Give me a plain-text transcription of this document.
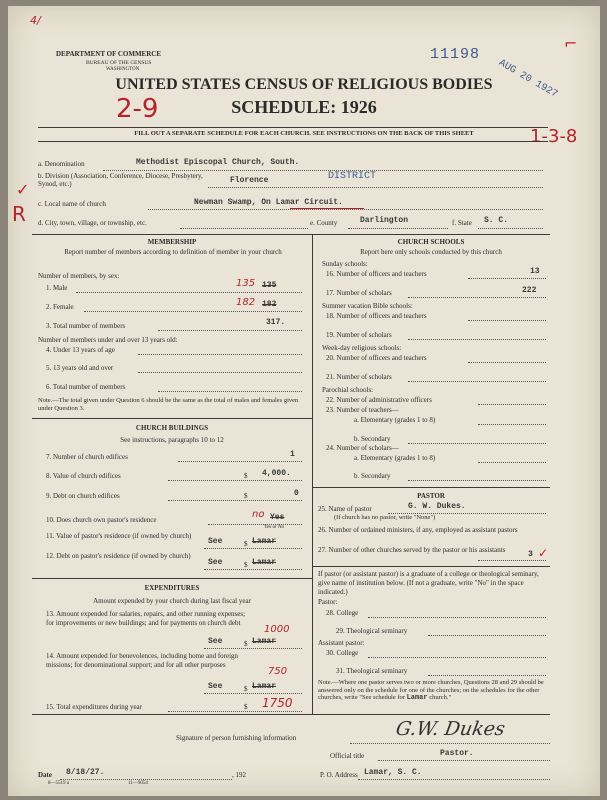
4/
DEPARTMENT OF COMMERCE
BUREAU OF THE CENSUS
WASHINGTON
11198
AUG 20 1927
⌐
UNITED STATES CENSUS OF RELIGIOUS BODIES
SCHEDULE: 1926
2-9
1-3-8
FILL OUT A SEPARATE SCHEDULE FOR EACH CHURCH. SEE INSTRUCTIONS ON THE BACK OF THIS SHEET
a. Denomination	Methodist Episcopal Church, South.
b. Division (Association, Conference, Diocese, Presbytery, Synod, etc.)	Florence	DISTRICT
✓
c. Local name of church	Newman Swamp, On Lamar Circuit.
R d. City, town, village, or township, etc.	e. County	Darlington	f. State S. C.
MEMBERSHIP
Report number of members according to definition of member in your church
Number of members, by sex:
1. Male	135 135
2. Female	182 182
3. Total number of members	317.
Number of members under and over 13 years old:
4. Under 13 years of age
5. 13 years old and over
6. Total number of members
Note.—The total given under Question 6 should be the same as the total of males and females given under Question 3.
CHURCH BUILDINGS
See instructions, paragraphs 10 to 12
7. Number of church edifices	1
8. Value of church edifices	$ 4,000.
9. Debt on church edifices	$	0
10. Does church own pastor's residence	no Yes
Yes or No
11. Value of pastor's residence (if owned by church)
See	$ Lamar
12. Debt on pastor's residence (if owned by church)
See	$ Lamar
EXPENDITURES
Amount expended by your church during last fiscal year
13. Amount expended for salaries, repairs, and other running expenses; for improvements or new buildings; and for payments on church debt
1000
See	$ Lamar
14. Amount expended for benevolences, including home and foreign missions; for denominational support; and for all other purposes
750
See	$ Lamar
15. Total expenditures during year	$ 1750
CHURCH SCHOOLS
Report here only schools conducted by this church
Sunday schools:
16. Number of officers and teachers	13
17. Number of scholars	222
Summer vacation Bible schools:
18. Number of officers and teachers
19. Number of scholars
Week-day religious schools:
20. Number of officers and teachers
21. Number of scholars
Parochial schools:
22. Number of administrative officers
23. Number of teachers—
a. Elementary (grades 1 to 8)
b. Secondary
24. Number of scholars—
a. Elementary (grades 1 to 8)
b. Secondary
PASTOR
25. Name of pastor	G. W. Dukes.
(If church has no pastor, write "None")
26. Number of ordained ministers, if any, employed as assistant pastors
27. Number of other churches served by the pastor or his assistants	3 ✓
If pastor (or assistant pastor) is a graduate of a college or theological seminary, give name of institution below. (If not a graduate, write "No" in the space indicated.)
Pastor:
28. College
29. Theological seminary
Assistant pastor:
30. College
31. Theological seminary
Note.—Where one pastor serves two or more churches, Questions 28 and 29 should be answered only on the schedule for one of the churches; on the schedules for the other churches, write "See schedule for Lamar church."
Signature of person furnishing information	G.W. Dukes
Official title	Pastor.
Date 8/18/27.	, 192	P. O. Address Lamar, S. C.
8—5519 a	11—9054
